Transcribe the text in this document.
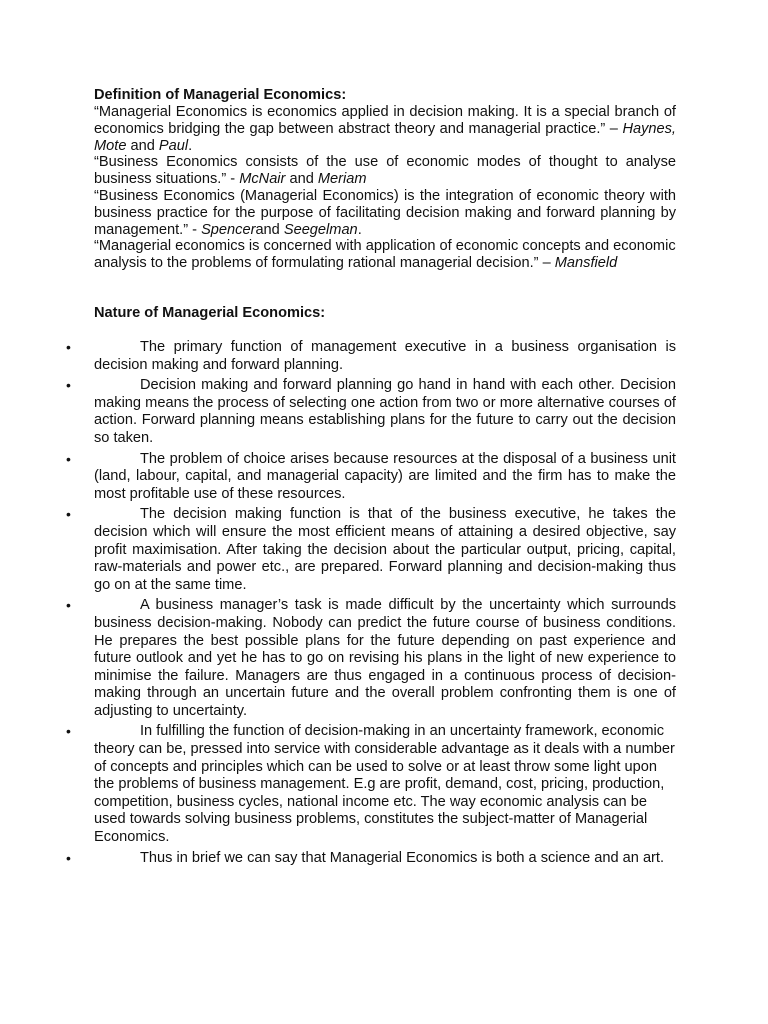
Definition of Managerial Economics:

“Managerial Economics is economics applied in decision making. It is a special branch of economics bridging the gap between abstract theory and managerial practice.” – Haynes, Mote and Paul.

“Business Economics consists of the use of economic modes of thought to analyse business situations.” - McNair and Meriam

“Business Economics (Managerial Economics) is the integration of economic theory with business practice for the purpose of facilitating decision making and forward planning by management.” - Spencerand Seegelman.

“Managerial economics is concerned with application of economic concepts and economic analysis to the problems of formulating rational managerial decision.” – Mansfield

Nature of Managerial Economics:

•	The primary function of management executive in a business organisation is decision making and forward planning.
•	Decision making and forward planning go hand in hand with each other. Decision making means the process of selecting one action from two or more alternative courses of action. Forward planning means establishing plans for the future to carry out the decision so taken.
•	The problem of choice arises because resources at the disposal of a business unit (land, labour, capital, and managerial capacity) are limited and the firm has to make the most profitable use of these resources.
•	The decision making function is that of the business executive, he takes the decision which will ensure the most efficient means of attaining a desired objective, say profit maximisation. After taking the decision about the particular output, pricing, capital, raw-materials and power etc., are prepared. Forward planning and decision-making thus go on at the same time.
•	A business manager’s task is made difficult by the uncertainty which surrounds business decision-making. Nobody can predict the future course of business conditions. He prepares the best possible plans for the future depending on past experience and future outlook and yet he has to go on revising his plans in the light of new experience to minimise the failure. Managers are thus engaged in a continuous process of decision-making through an uncertain future and the overall problem confronting them is one of adjusting to uncertainty.
•	In fulfilling the function of decision-making in an uncertainty framework, economic theory can be, pressed into service with considerable advantage as it deals with a number of concepts and principles which can be used to solve or at least throw some light upon the problems of business management. E.g are profit, demand, cost, pricing, production, competition, business cycles, national income etc. The way economic analysis can be used towards solving business problems, constitutes the subject-matter of Managerial Economics.
•	Thus in brief we can say that Managerial Economics is both a science and an art.
